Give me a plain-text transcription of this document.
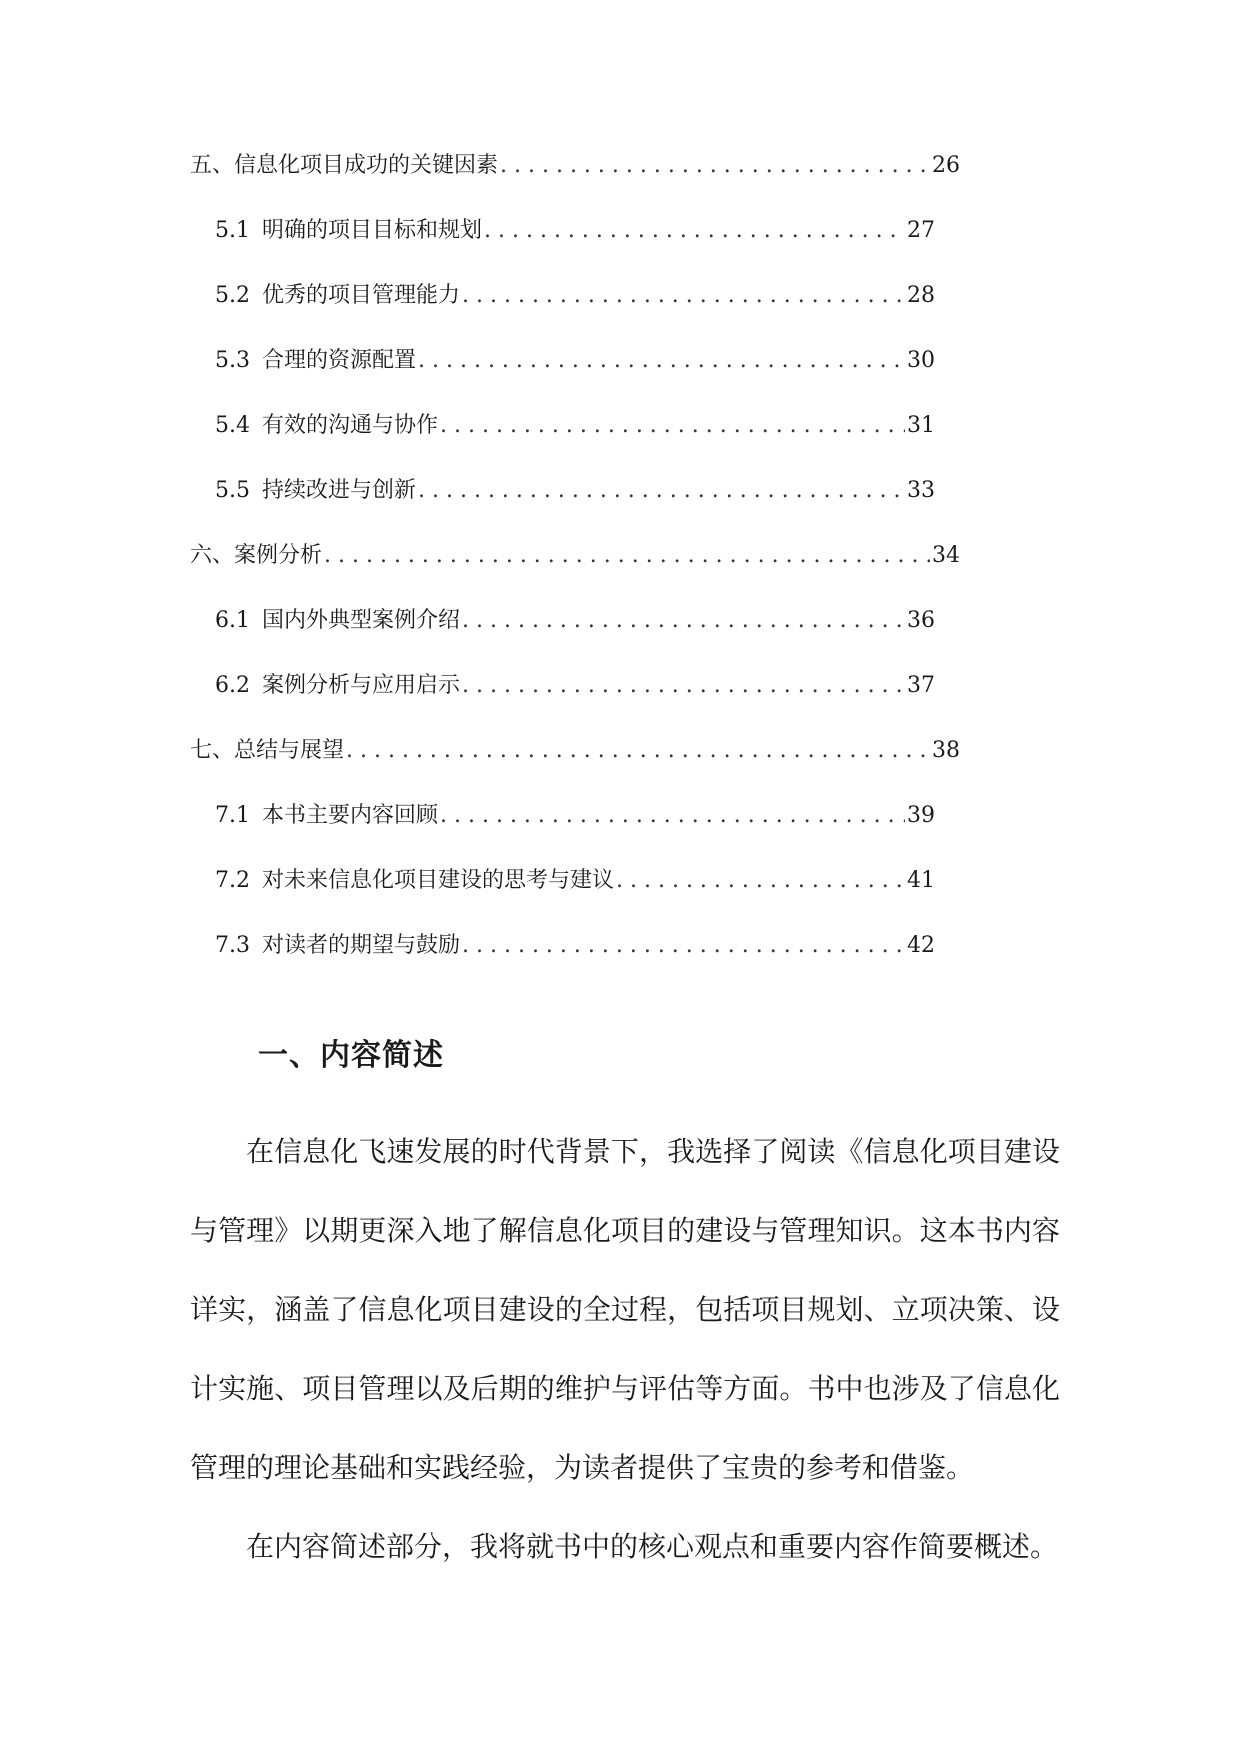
五、信息化项目成功的关键因素 . . .	26
5.1 明确的项目目标和规划 . . .	27
5.2 优秀的项目管理能力 . . .	28
5.3 合理的资源配置 . . .	30
5.4 有效的沟通与协作 . . .	31
5.5 持续改进与创新 . . .	33
六、案例分析 . . .	34
6.1 国内外典型案例介绍 . . .	36
6.2 案例分析与应用启示 . . .	37
七、总结与展望 . . .	38
7.1 本书主要内容回顾 . . .	39
7.2 对未来信息化项目建设的思考与建议 . . .	41
7.3 对读者的期望与鼓励 . . .	42
一、内容简述

在信息化飞速发展的时代背景下，我选择了阅读《信息化项目建设与管理》以期更深入地了解信息化项目的建设与管理知识。这本书内容详实，涵盖了信息化项目建设的全过程，包括项目规划、立项决策、设计实施、项目管理以及后期的维护与评估等方面。书中也涉及了信息化管理的理论基础和实践经验，为读者提供了宝贵的参考和借鉴。

在内容简述部分，我将就书中的核心观点和重要内容作简要概述。
